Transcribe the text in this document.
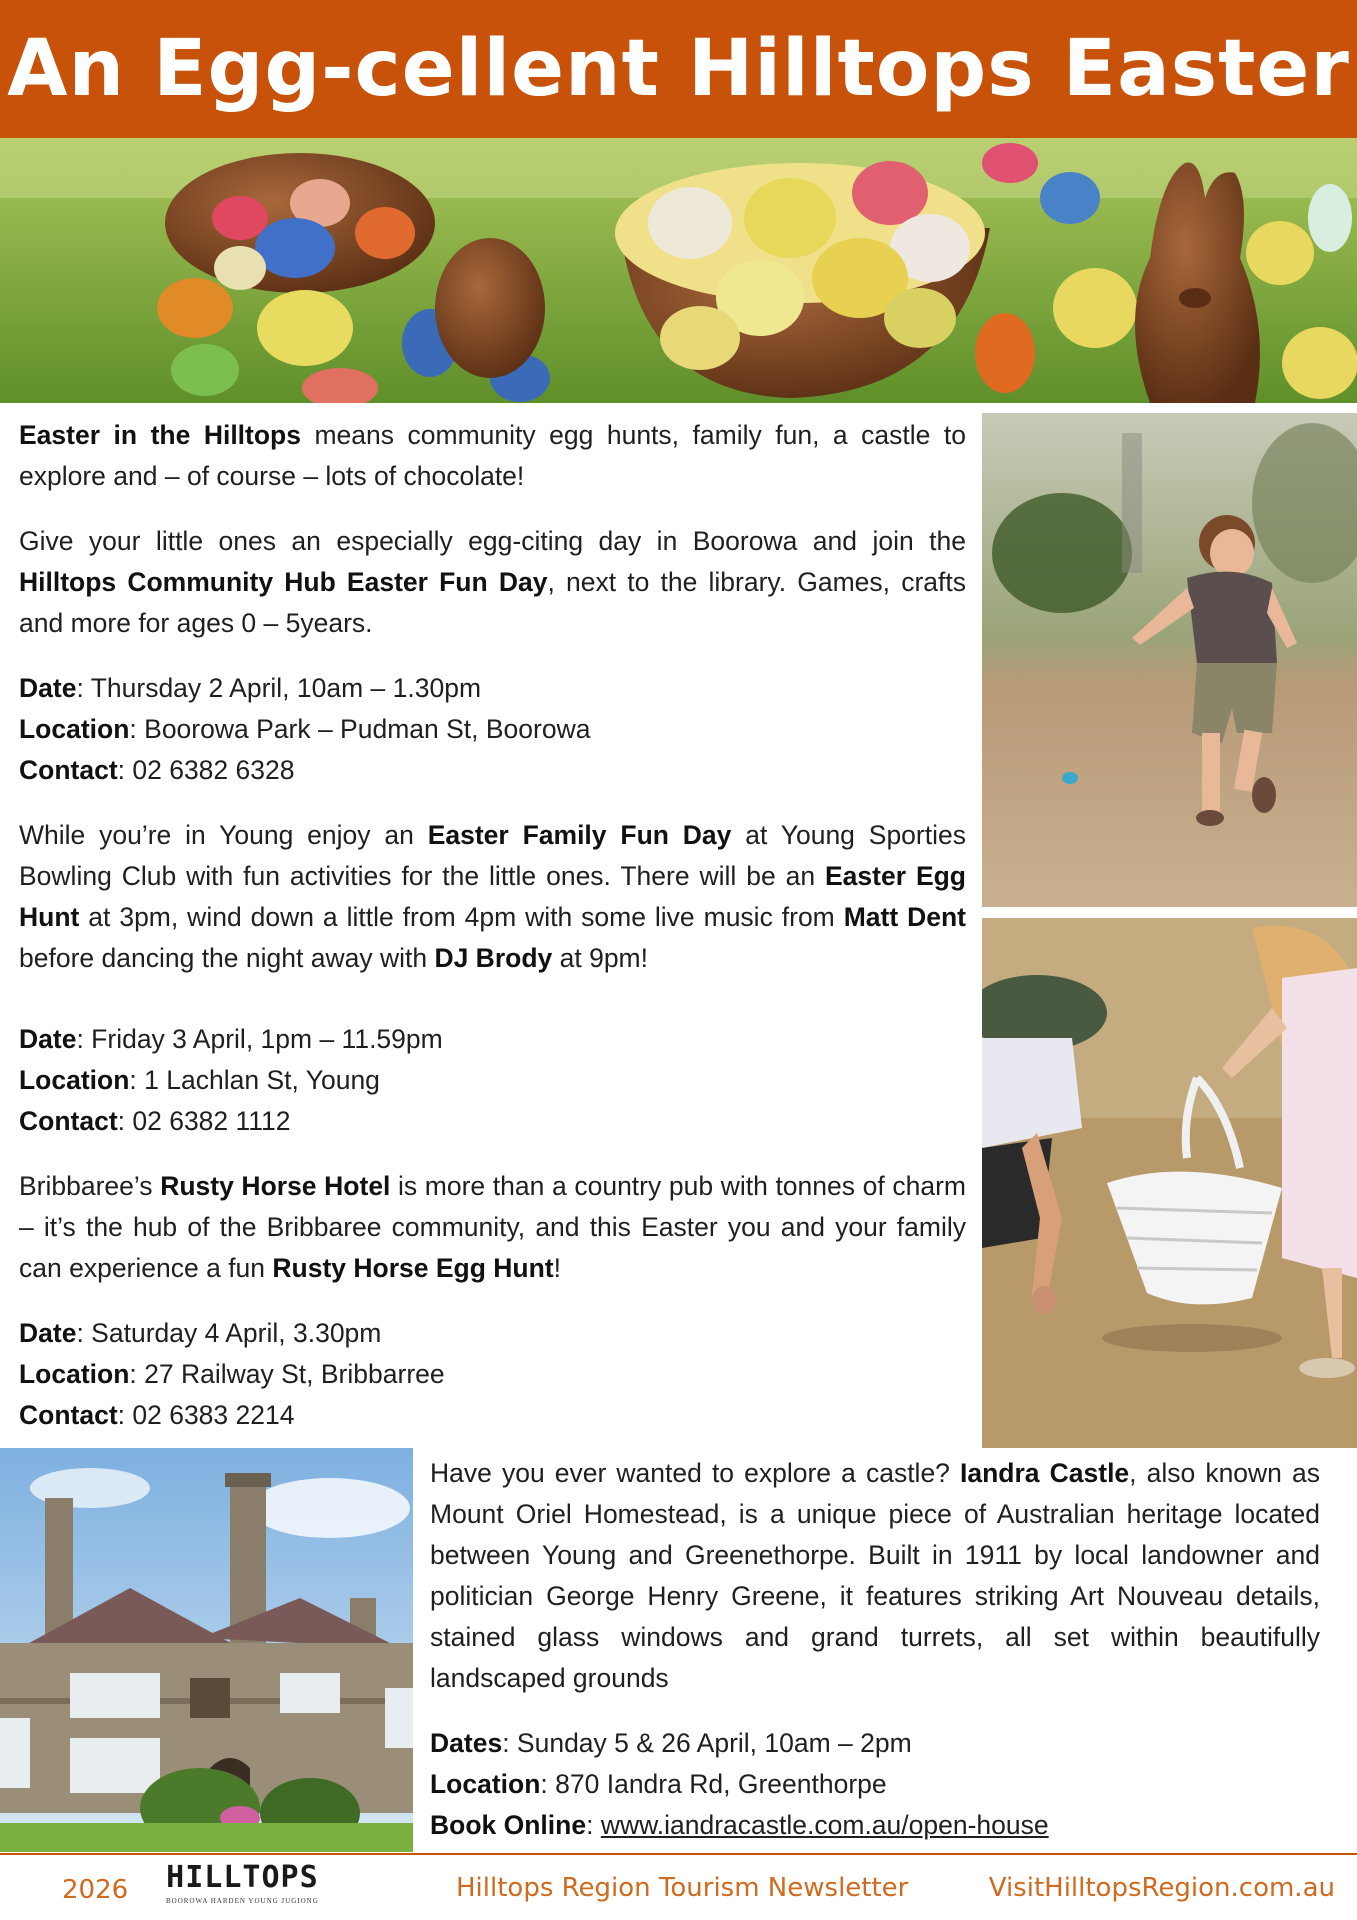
An Egg-cellent Hilltops Easter

Easter in the Hilltops means community egg hunts, family fun, a castle to explore and – of course – lots of chocolate!

Give your little ones an especially egg-citing day in Boorowa and join the Hilltops Community Hub Easter Fun Day, next to the library. Games, crafts and more for ages 0 – 5years.

Date: Thursday 2 April, 10am – 1.30pm

Location: Boorowa Park – Pudman St, Boorowa

Contact: 02 6382 6328

While you’re in Young enjoy an Easter Family Fun Day at Young Sporties Bowling Club with fun activities for the little ones. There will be an Easter Egg Hunt at 3pm, wind down a little from 4pm with some live music from Matt Dent before dancing the night away with DJ Brody at 9pm!

Date: Friday 3 April, 1pm – 11.59pm

Location: 1 Lachlan St, Young

Contact: 02 6382 1112

Bribbaree’s Rusty Horse Hotel is more than a country pub with tonnes of charm – it’s the hub of the Bribbaree community, and this Easter you and your family can experience a fun Rusty Horse Egg Hunt!

Date: Saturday 4 April, 3.30pm

Location: 27 Railway St, Bribbarree

Contact: 02 6383 2214

Have you ever wanted to explore a castle? Iandra Castle, also known as Mount Oriel Homestead, is a unique piece of Australian heritage located between Young and Greenethorpe. Built in 1911 by local landowner and politician George Henry Greene, it features striking Art Nouveau details, stained glass windows and grand turrets, all set within beautifully landscaped grounds

Dates: Sunday 5 & 26 April, 10am – 2pm

Location: 870 Iandra Rd, Greenthorpe

Book Online: www.iandracastle.com.au/open-house

2026 HILLTOPS
BOOROWA HARDEN YOUNG JUGIONG	Hilltops Region Tourism Newsletter	VisitHilltopsRegion.com.au
